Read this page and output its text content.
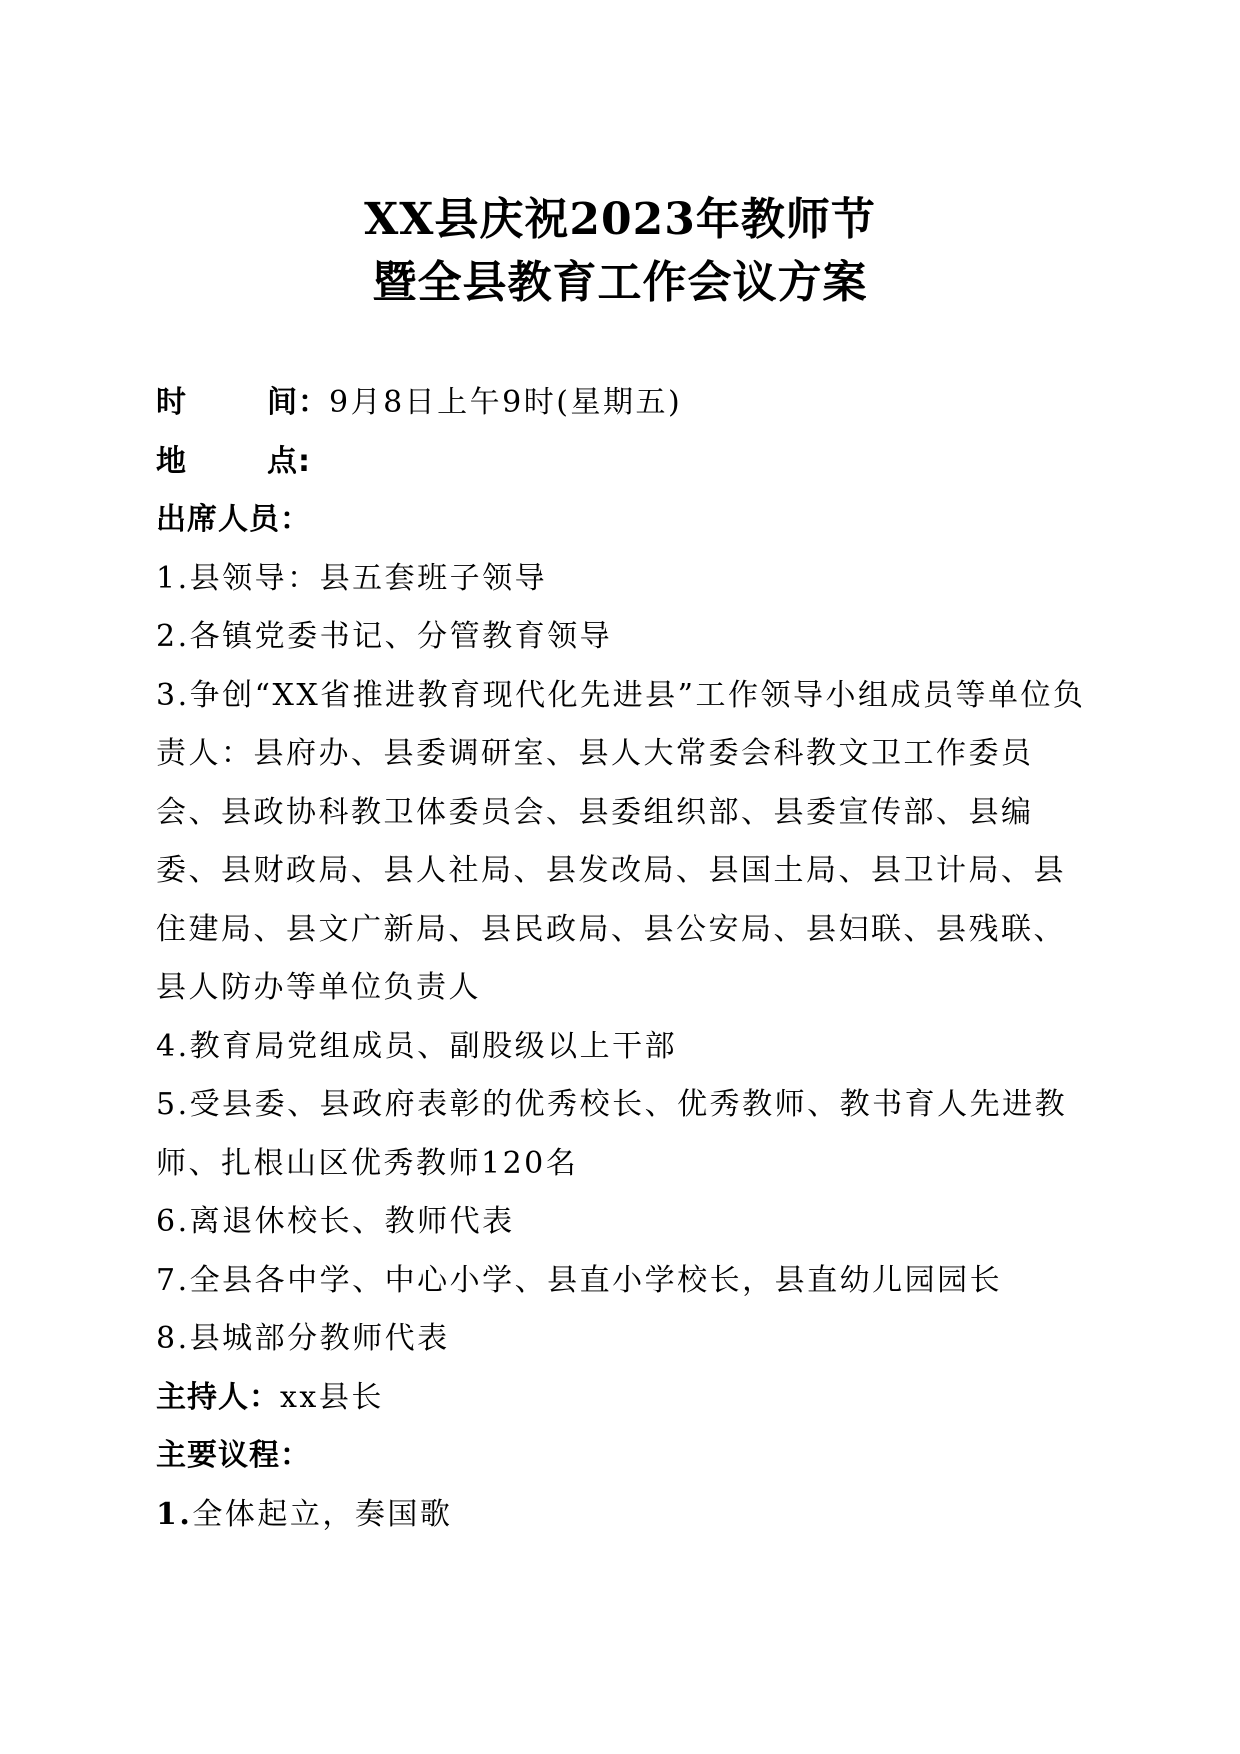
XX县庆祝2023年教师节
暨全县教育工作会议方案
时	间：9月8日上午9时(星期五)
地	点:
出席人员：
1.县领导：县五套班子领导
2.各镇党委书记、分管教育领导
3.争创“XX省推进教育现代化先进县”工作领导小组成员等单位负责人：县府办、县委调研室、县人大常委会科教文卫工作委员会、县政协科教卫体委员会、县委组织部、县委宣传部、县编委、县财政局、县人社局、县发改局、县国土局、县卫计局、县住建局、县文广新局、县民政局、县公安局、县妇联、县残联、县人防办等单位负责人
4.教育局党组成员、副股级以上干部
5.受县委、县政府表彰的优秀校长、优秀教师、教书育人先进教师、扎根山区优秀教师120名
6.离退休校长、教师代表
7.全县各中学、中心小学、县直小学校长，县直幼儿园园长
8.县城部分教师代表
主持人：xx县长
主要议程：
1.全体起立，奏国歌
